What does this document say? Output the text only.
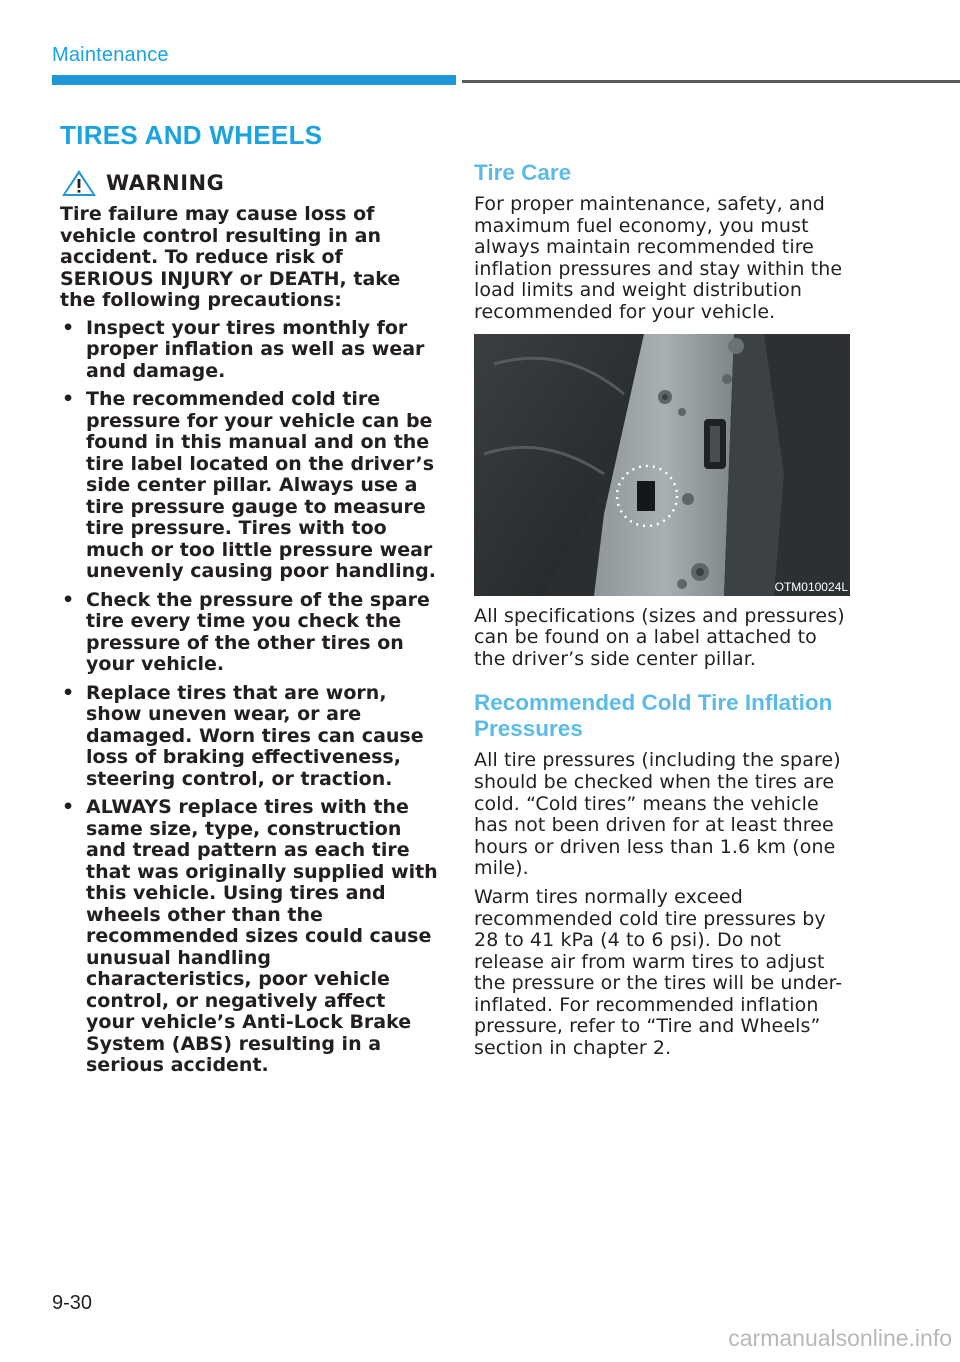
Maintenance
TIRES AND WHEELS
WARNING

Tire failure may cause loss of vehicle control resulting in an accident. To reduce risk of SERIOUS INJURY or DEATH, take the following precautions:

• Inspect your tires monthly for proper inflation as well as wear and damage.
• The recommended cold tire pressure for your vehicle can be found in this manual and on the tire label located on the driver’s side center pillar. Always use a tire pressure gauge to measure tire pressure. Tires with too much or too little pressure wear unevenly causing poor handling.
• Check the pressure of the spare tire every time you check the pressure of the other tires on your vehicle.
• Replace tires that are worn, show uneven wear, or are damaged. Worn tires can cause loss of braking effectiveness, steering control, or traction.
• ALWAYS replace tires with the same size, type, construction and tread pattern as each tire that was originally supplied with this vehicle. Using tires and wheels other than the recommended sizes could cause unusual handling characteristics, poor vehicle control, or negatively affect your vehicle’s Anti-Lock Brake System (ABS) resulting in a serious accident.
Tire Care

For proper maintenance, safety, and maximum fuel economy, you must always maintain recommended tire inflation pressures and stay within the load limits and weight distribution recommended for your vehicle.

OTM010024L

All specifications (sizes and pressures) can be found on a label attached to the driver’s side center pillar.

Recommended Cold Tire Inflation Pressures

All tire pressures (including the spare) should be checked when the tires are cold. “Cold tires” means the vehicle has not been driven for at least three hours or driven less than 1.6 km (one mile).

Warm tires normally exceed recommended cold tire pressures by 28 to 41 kPa (4 to 6 psi). Do not release air from warm tires to adjust the pressure or the tires will be under-inflated. For recommended inflation pressure, refer to “Tire and Wheels” section in chapter 2.

9-30
carmanualsonline.info
